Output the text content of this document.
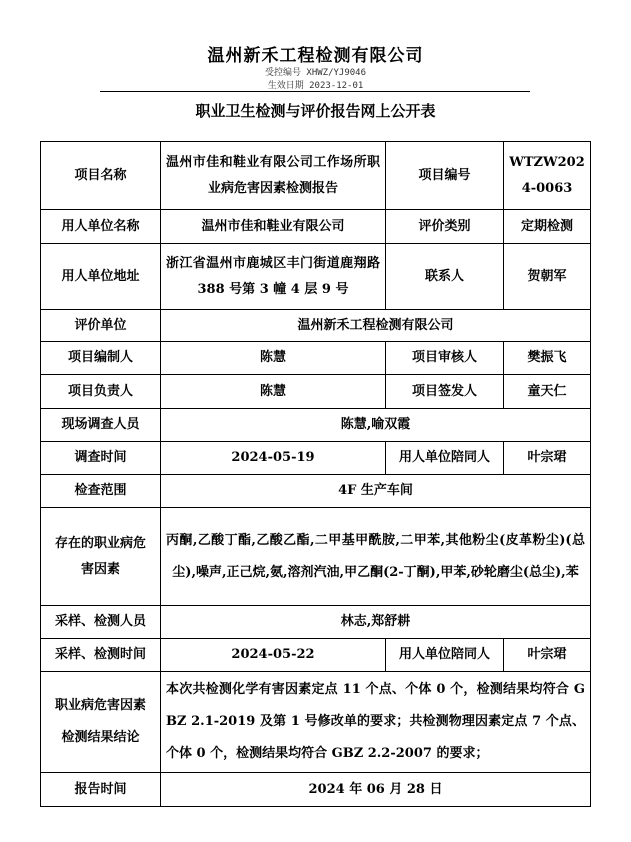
温州新禾工程检测有限公司
受控编号 XHWZ/YJ9046
生效日期 2023-12-01
职业卫生检测与评价报告网上公开表
项目名称	温州市佳和鞋业有限公司工作场所职业病危害因素检测报告	项目编号	WTZW2024-0063
用人单位名称	温州市佳和鞋业有限公司	评价类别	定期检测
用人单位地址	浙江省温州市鹿城区丰门街道鹿翔路 388 号第 3 幢 4 层 9 号	联系人	贺朝军
评价单位	温州新禾工程检测有限公司		
项目编制人	陈慧	项目审核人	樊振飞
项目负责人	陈慧	项目签发人	童天仁
现场调查人员	陈慧,喻双霞		
调查时间	2024-05-19	用人单位陪同人	叶宗珺
检查范围	4F 生产车间		
存在的职业病危害因素	丙酮,乙酸丁酯,乙酸乙酯,二甲基甲酰胺,二甲苯,其他粉尘(皮革粉尘)(总尘),噪声,正己烷,氨,溶剂汽油,甲乙酮(2-丁酮),甲苯,砂轮磨尘(总尘),苯		
采样、检测人员	林志,郑舒耕		
采样、检测时间	2024-05-22	用人单位陪同人	叶宗珺
职业病危害因素检测结果结论	本次共检测化学有害因素定点 11 个点、个体 0 个，检测结果均符合 GBZ 2.1-2019 及第 1 号修改单的要求；共检测物理因素定点 7 个点、个体 0 个，检测结果均符合 GBZ 2.2-2007 的要求；		
报告时间	2024 年 06 月 28 日		
